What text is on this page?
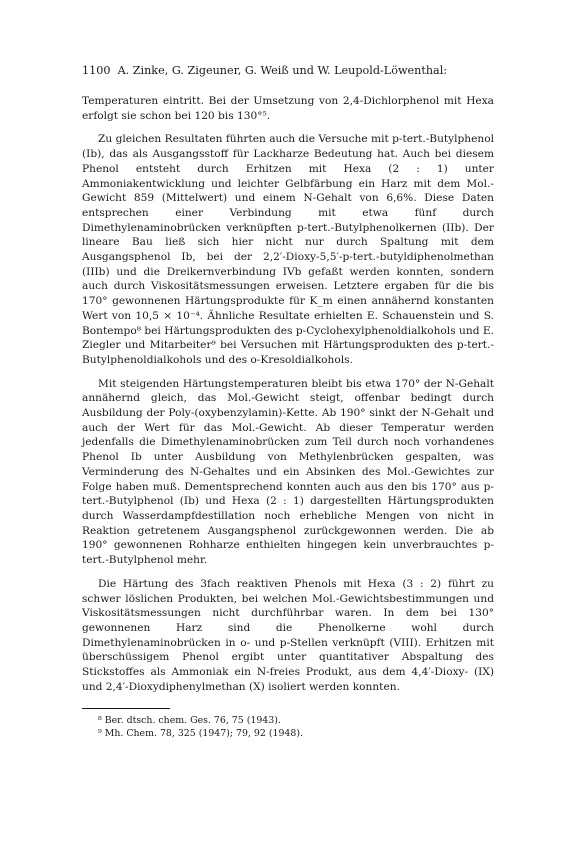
1100 A. Zinke, G. Zigeuner, G. Weiß und W. Leupold-Löwenthal:

Temperaturen eintritt. Bei der Umsetzung von 2,4-Dichlorphenol mit Hexa erfolgt sie schon bei 120 bis 130°⁵.

Zu gleichen Resultaten führten auch die Versuche mit p-tert.-Butylphenol (Ib), das als Ausgangsstoff für Lackharze Bedeutung hat. Auch bei diesem Phenol entsteht durch Erhitzen mit Hexa (2 : 1) unter Ammoniakentwicklung und leichter Gelbfärbung ein Harz mit dem Mol.-Gewicht 859 (Mittelwert) und einem N-Gehalt von 6,6%. Diese Daten entsprechen einer Verbindung mit etwa fünf durch Dimethylenaminobrücken verknüpften p-tert.-Butylphenolkernen (IIb). Der lineare Bau ließ sich hier nicht nur durch Spaltung mit dem Ausgangsphenol Ib, bei der 2,2′-Dioxy-5,5′-p-tert.-butyldiphenolmethan (IIIb) und die Dreikernverbindung IVb gefaßt werden konnten, sondern auch durch Viskositätsmessungen erweisen. Letztere ergaben für die bis 170° gewonnenen Härtungsprodukte für K_m einen annähernd konstanten Wert von 10,5 × 10⁻⁴. Ähnliche Resultate erhielten E. Schauenstein und S. Bontempo⁸ bei Härtungsprodukten des p-Cyclohexylphenoldialkohols und E. Ziegler und Mitarbeiter⁹ bei Versuchen mit Härtungsprodukten des p-tert.-Butylphenoldialkohols und des o-Kresoldialkohols.

Mit steigenden Härtungstemperaturen bleibt bis etwa 170° der N-Gehalt annähernd gleich, das Mol.-Gewicht steigt, offenbar bedingt durch Ausbildung der Poly-(oxybenzylamin)-Kette. Ab 190° sinkt der N-Gehalt und auch der Wert für das Mol.-Gewicht. Ab dieser Temperatur werden jedenfalls die Dimethylenaminobrücken zum Teil durch noch vorhandenes Phenol Ib unter Ausbildung von Methylenbrücken gespalten, was Verminderung des N-Gehaltes und ein Absinken des Mol.-Gewichtes zur Folge haben muß. Dementsprechend konnten auch aus den bis 170° aus p-tert.-Butylphenol (Ib) und Hexa (2 : 1) dargestellten Härtungsprodukten durch Wasserdampfdestillation noch erhebliche Mengen von nicht in Reaktion getretenem Ausgangsphenol zurückgewonnen werden. Die ab 190° gewonnenen Rohharze enthielten hingegen kein unverbrauchtes p-tert.-Butylphenol mehr.

Die Härtung des 3fach reaktiven Phenols mit Hexa (3 : 2) führt zu schwer löslichen Produkten, bei welchen Mol.-Gewichtsbestimmungen und Viskositätsmessungen nicht durchführbar waren. In dem bei 130° gewonnenen Harz sind die Phenolkerne wohl durch Dimethylenaminobrücken in o- und p-Stellen verknüpft (VIII). Erhitzen mit überschüssigem Phenol ergibt unter quantitativer Abspaltung des Stickstoffes als Ammoniak ein N-freies Produkt, aus dem 4,4′-Dioxy- (IX) und 2,4′-Dioxydiphenylmethan (X) isoliert werden konnten.

⁸ Ber. dtsch. chem. Ges. 76, 75 (1943).

⁹ Mh. Chem. 78, 325 (1947); 79, 92 (1948).
